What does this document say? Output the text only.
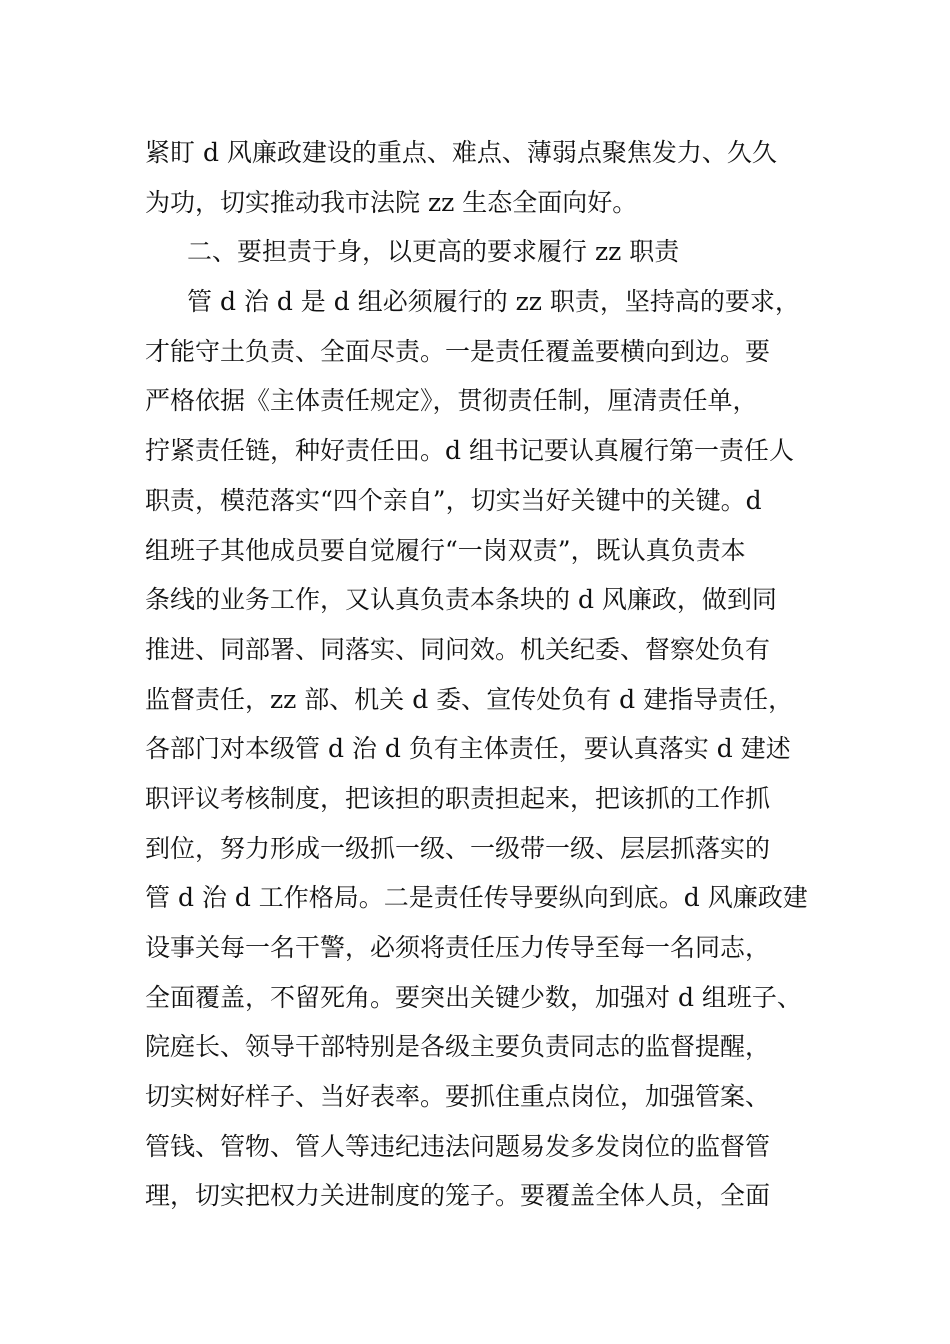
紧盯 d 风廉政建设的重点、难点、薄弱点聚焦发力、久久
为功，切实推动我市法院 zz 生态全面向好。
二、要担责于身，以更高的要求履行 zz 职责
管 d 治 d 是 d 组必须履行的 zz 职责，坚持高的要求，
才能守土负责、全面尽责。一是责任覆盖要横向到边。要
严格依据《主体责任规定》，贯彻责任制，厘清责任单，
拧紧责任链，种好责任田。d 组书记要认真履行第一责任人
职责，模范落实“四个亲自”，切实当好关键中的关键。d
组班子其他成员要自觉履行“一岗双责”，既认真负责本
条线的业务工作，又认真负责本条块的 d 风廉政，做到同
推进、同部署、同落实、同问效。机关纪委、督察处负有
监督责任，zz 部、机关 d 委、宣传处负有 d 建指导责任，
各部门对本级管 d 治 d 负有主体责任，要认真落实 d 建述
职评议考核制度，把该担的职责担起来，把该抓的工作抓
到位，努力形成一级抓一级、一级带一级、层层抓落实的
管 d 治 d 工作格局。二是责任传导要纵向到底。d 风廉政建
设事关每一名干警，必须将责任压力传导至每一名同志，
全面覆盖，不留死角。要突出关键少数，加强对 d 组班子、
院庭长、领导干部特别是各级主要负责同志的监督提醒，
切实树好样子、当好表率。要抓住重点岗位，加强管案、
管钱、管物、管人等违纪违法问题易发多发岗位的监督管
理，切实把权力关进制度的笼子。要覆盖全体人员，全面
